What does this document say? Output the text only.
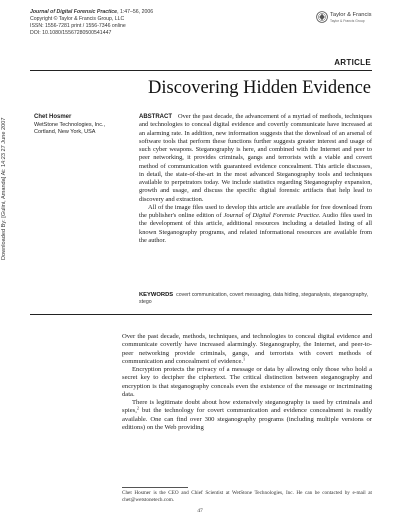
Journal of Digital Forensic Practice, 1:47–56, 2006
Copyright © Taylor & Francis Group, LLC
ISSN: 1556-7281 print / 1556-7346 online
DOI: 10.1080/15567280500541447
Taylor & Francis
Taylor & Francis Group
Downloaded By: [Gulini, Amanda] At: 14:23 27 June 2007
ARTICLE
Discovering Hidden Evidence
Chet Hosmer
WetStone Technologies, Inc.,
Cortland, New York, USA

ABSTRACT Over the past decade, the advancement of a myriad of methods, techniques and technologies to conceal digital evidence and covertly communicate have increased at an alarming rate. In addition, new information suggests that the download of an arsenal of software tools that perform these functions further suggests greater interest and usage of such cyber weapons. Steganography is here, and combined with the Internet and peer to peer networking, it provides criminals, gangs and terrorists with a viable and covert method of communication with guaranteed evidence concealment. This article discusses, in detail, the state-of-the-art in the most advanced Steganography tools and techniques available to perpetrators today. We include statistics regarding Steganography expansion, growth and usage, and discuss the specific digital forensic artifacts that help lead to discovery and extraction.

All of the image files used to develop this article are available for free download from the publisher's online edition of Journal of Digital Forensic Practice. Audio files used in the development of this article, additional resources including a detailed listing of all known Steganography programs, and related informational resources are available from the author.

KEYWORDS covert communication, covert messaging, data hiding, steganalysis, steganography, stego

Over the past decade, methods, techniques, and technologies to conceal digital evidence and communicate covertly have increased alarmingly. Steganography, the Internet, and peer-to-peer networking provide criminals, gangs, and terrorists with covert methods of communication and concealment of evidence.$^1$

Encryption protects the privacy of a message or data by allowing only those who hold a secret key to decipher the ciphertext. The critical distinction between steganography and encryption is that steganography conceals even the existence of the message or incriminating data.

There is legitimate doubt about how extensively steganography is used by criminals and spies,$^2$ but the technology for covert communication and evidence concealment is readily available. One can find over 300 steganography programs (including multiple versions or editions) on the Web providing

Chet Hosmer is the CEO and Chief Scientist at WetStone Technologies, Inc. He can be contacted by e-mail at chet@wetstonetech.com.
47
